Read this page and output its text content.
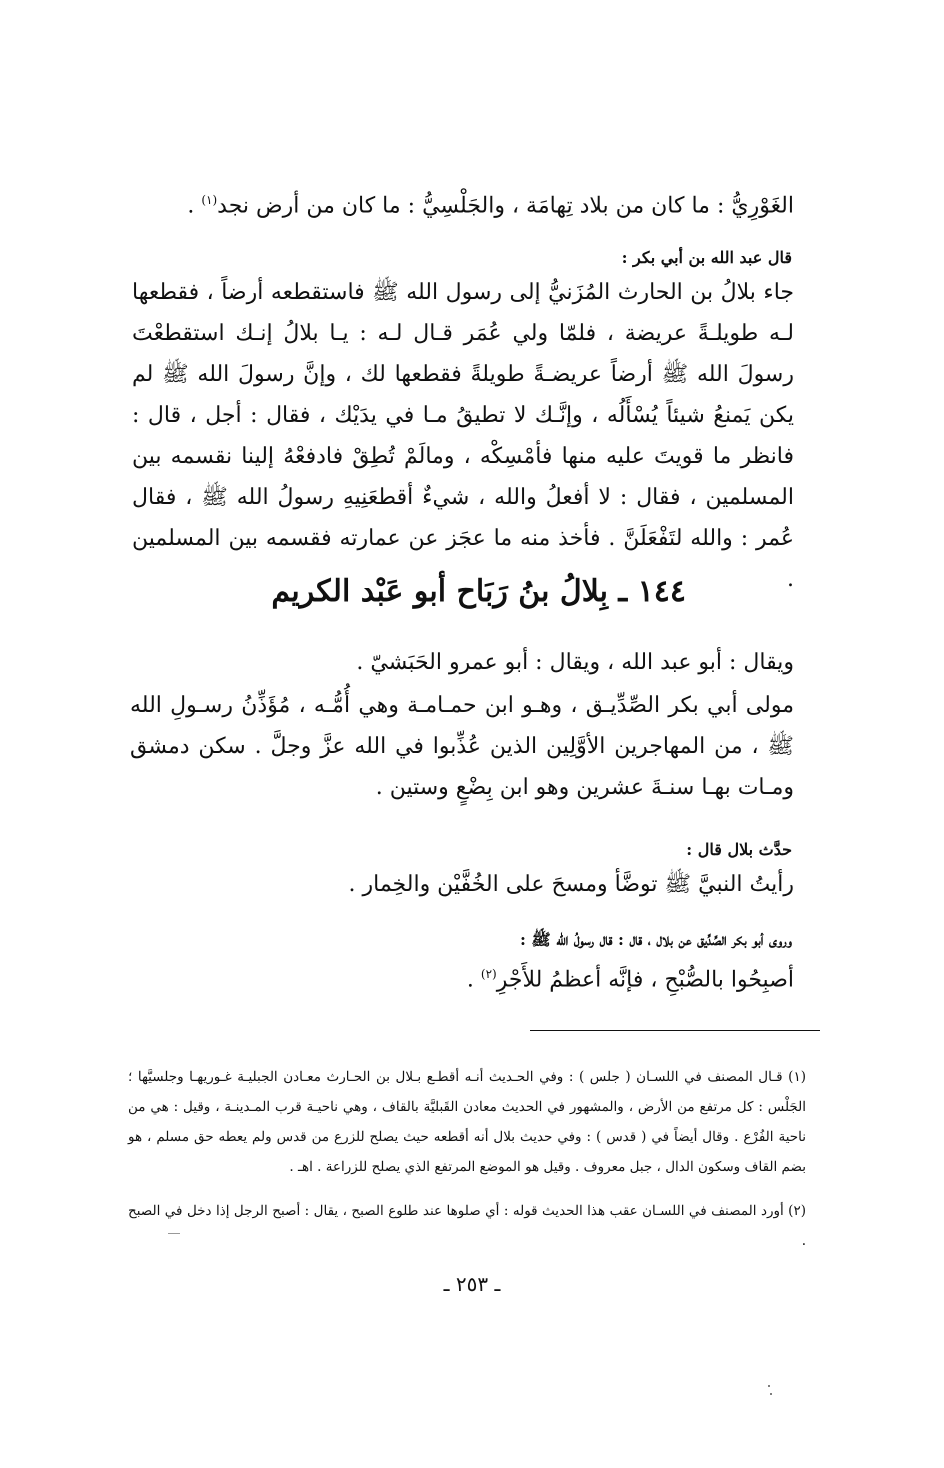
الغَوْرِيُّ : ما كان من بلاد تِهامَة ، والجَلْسِيُّ : ما كان من أرض نجد$^{(١)}$ .
قال عبد الله بن أبي بكر :
جاء بلالُ بن الحارث المُزَنيُّ إلى رسول الله ﷺ فاستقطعه أرضاً ، فقطعها لـه طويلـةً عريضة ، فلمّا ولي عُمَر قـال لـه : يـا بلالُ إنـك استقطعْتَ رسولَ الله ﷺ أرضاً عريضـةً طويلةً فقطعها لك ، وإنَّ رسولَ الله ﷺ لم يكن يَمنعُ شيئاً يُسْأَلُه ، وإنَّـك لا تطيقُ مـا في يدَيْك ، فقال : أجل ، قال : فانظر ما قويتَ عليه منها فأمْسِكْه ، ومالَمْ تُطِقْ فادفعْهُ إلينا نقسمه بين المسلمين ، فقال : لا أفعلُ والله ، شيءٌ أقطعَنِيهِ رسولُ الله ﷺ ، فقال عُمر : والله لتَفْعَلَنَّ . فأخذ منه ما عجَز عن عمارته فقسمه بين المسلمين .
١٤٤ ـ بِلالُ بنُ رَبَاح أبو عَبْد الكريم
ويقال : أبو عبد الله ، ويقال : أبو عمرو الحَبَشيّ .
مولى أبي بكر الصِّدِّيـق ، وهـو ابن حمـامـة وهي أُمُّـه ، مُؤَذِّنُ رسـولِ الله ﷺ ، من المهاجرين الأوَّلِين الذين عُذِّبوا في الله عزَّ وجلَّ . سكن دمشق ومـات بهـا سنـةَ عشرين وهو ابن بِضْعٍ وستين .
حدَّث بلال قال :
رأيتُ النبيَّ ﷺ توضَّأ ومسحَ على الخُفَّيْن والخِمار .
وروى أبو بكر الصِّدِّيق عن بلال ، قال : قال رسولُ الله ﷺ :
أصبِحُوا بالصُّبْحِ ، فإنَّه أعظمُ للأَجْرِ$^{(٢)}$ .
(١) قـال المصنف في اللسـان ( جلس ) : وفي الحـديث أنـه أقطـع بـلال بن الحـارث معـادن الجبليـة غـوريهـا وجلسيَّها ؛ الجَلْس : كل مرتفع من الأرض ، والمشهور في الحديث معادن القَبليَّة بالقاف ، وهي ناحيـة قرب المـدينـة ، وقيل : هي من ناحية الفُرْع . وقال أيضاً في ( قدس ) : وفي حديث بلال أنه أقطعه حيث يصلح للزرع من قدس ولم يعطه حق مسلم ، هو بضم القاف وسكون الدال ، جبل معروف . وقيل هو الموضع المرتفع الذي يصلح للزراعة . اهـ .
(٢) أورد المصنف في اللسـان عقب هذا الحديث قوله : أي صلوها عند طلوع الصبح ، يقال : أصبح الرجل إذا دخل في الصبح .
ـ ٢٥٣ ـ
